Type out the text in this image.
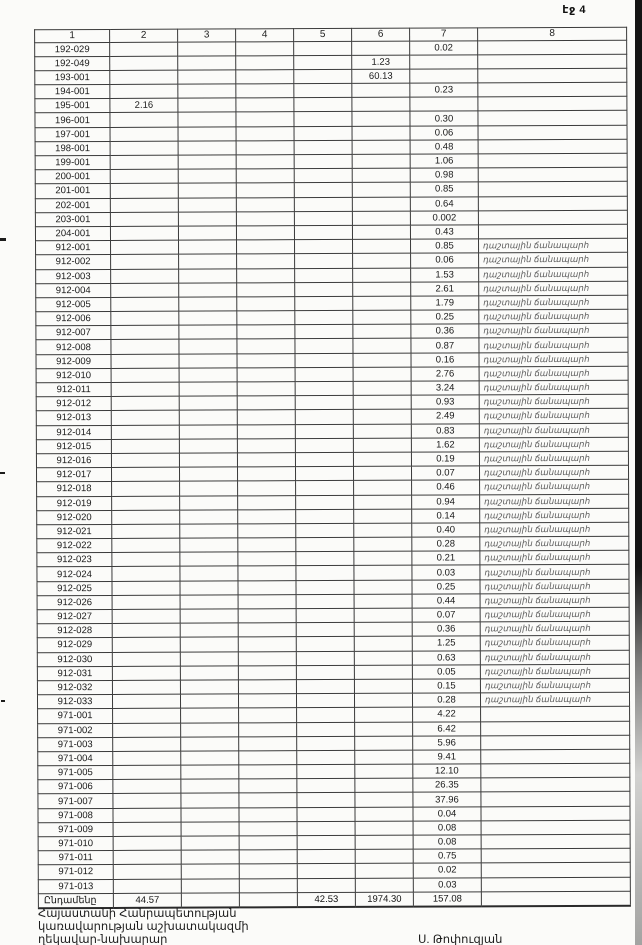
էջ 4
1	2	3	4	5	6	7	8
192-029						0.02	
192-049					1.23		
193-001					60.13		
194-001						0.23	
195-001	2.16						
196-001						0.30	
197-001						0.06	
198-001						0.48	
199-001						1.06	
200-001						0.98	
201-001						0.85	
202-001						0.64	
203-001						0.002	
204-001						0.43	
912-001						0.85	դաշտային ճանապարհ
912-002						0.06	դաշտային ճանապարհ
912-003						1.53	դաշտային ճանապարհ
912-004						2.61	դաշտային ճանապարհ
912-005						1.79	դաշտային ճանապարհ
912-006						0.25	դաշտային ճանապարհ
912-007						0.36	դաշտային ճանապարհ
912-008						0.87	դաշտային ճանապարհ
912-009						0.16	դաշտային ճանապարհ
912-010						2.76	դաշտային ճանապարհ
912-011						3.24	դաշտային ճանապարհ
912-012						0.93	դաշտային ճանապարհ
912-013						2.49	դաշտային ճանապարհ
912-014						0.83	դաշտային ճանապարհ
912-015						1.62	դաշտային ճանապարհ
912-016						0.19	դաշտային ճանապարհ
912-017						0.07	դաշտային ճանապարհ
912-018						0.46	դաշտային ճանապարհ
912-019						0.94	դաշտային ճանապարհ
912-020						0.14	դաշտային ճանապարհ
912-021						0.40	դաշտային ճանապարհ
912-022						0.28	դաշտային ճանապարհ
912-023						0.21	դաշտային ճանապարհ
912-024						0.03	դաշտային ճանապարհ
912-025						0.25	դաշտային ճանապարհ
912-026						0.44	դաշտային ճանապարհ
912-027						0.07	դաշտային ճանապարհ
912-028						0.36	դաշտային ճանապարհ
912-029						1.25	դաշտային ճանապարհ
912-030						0.63	դաշտային ճանապարհ
912-031						0.05	դաշտային ճանապարհ
912-032						0.15	դաշտային ճանապարհ
912-033						0.28	դաշտային ճանապարհ
971-001						4.22	
971-002						6.42	
971-003						5.96	
971-004						9.41	
971-005						12.10	
971-006						26.35	
971-007						37.96	
971-008						0.04	
971-009						0.08	
971-010						0.08	
971-011						0.75	
971-012						0.02	
971-013						0.03	
Ընդամենը	44.57			42.53	1974.30	157.08	
Հայաստանի Հանրապետության
կառավարության աշխատակազմի
ղեկավար-նախարար	Ս. Թոփուզյան
